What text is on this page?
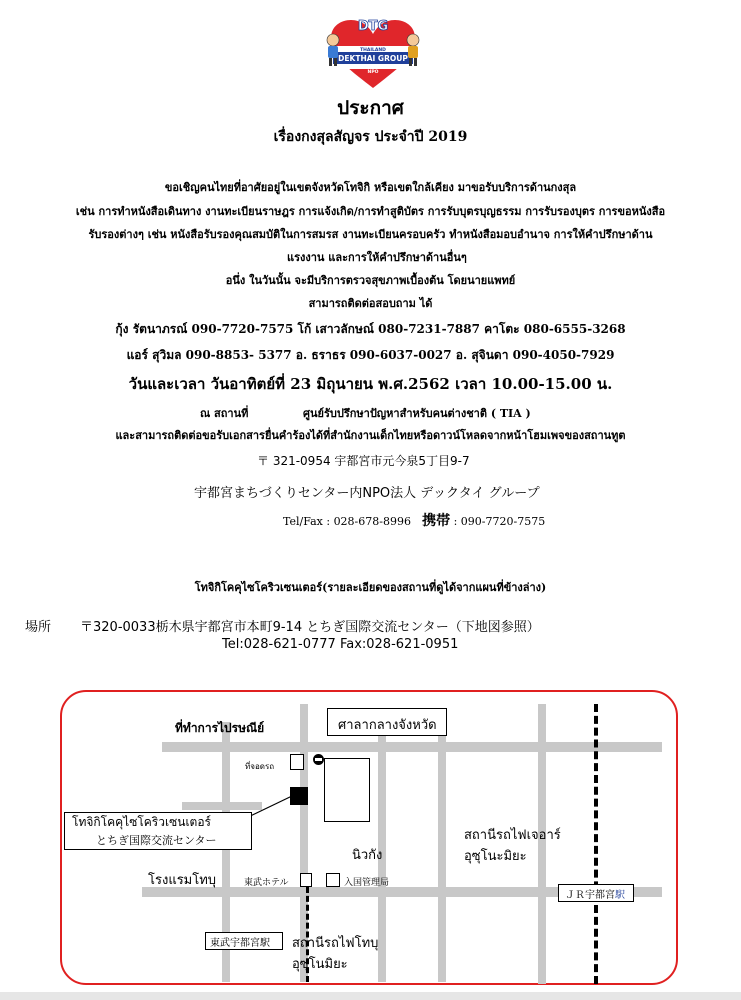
DTG
THAILAND
DEKTHAI GROUP
NPO
ประกาศ
เรื่องกงสุลสัญจร ประจำปี 2019
ขอเชิญคนไทยที่อาศัยอยู่ในเขตจังหวัดโทจิกิ หรือเขตใกล้เคียง มาขอรับบริการด้านกงสุล
เช่น การทำหนังสือเดินทาง งานทะเบียนราษฎร การแจ้งเกิด/การทำสูติบัตร การรับบุตรบุญธรรม การรับรองบุตร การขอหนังสือ
รับรองต่างๆ เช่น หนังสือรับรองคุณสมบัติในการสมรส งานทะเบียนครอบครัว ทำหนังสือมอบอำนาจ การให้คำปรึกษาด้าน
แรงงาน และการให้คำปรึกษาด้านอื่นๆ
อนึ่ง ในวันนั้น จะมีบริการตรวจสุขภาพเบื้องต้น โดยนายแพทย์
สามารถติดต่อสอบถาม ได้
กุ้ง รัตนาภรณ์ 090-7720-7575 โก้ เสาวลักษณ์ 080-7231-7887 คาโตะ 080-6555-3268
แอร์ สุวิมล 090-8853- 5377 อ. ธราธร 090-6037-0027 อ. สุจินดา 090-4050-7929
วันและเวลา วันอาทิตย์ที่ 23 มิถุนายน พ.ศ.2562 เวลา 10.00-15.00 น.
ณ สถานที่	ศูนย์รับปรึกษาปัญหาสำหรับคนต่างชาติ ( TIA )
และสามารถติดต่อขอรับเอกสารยื่นคำร้องได้ที่สำนักงานเด็กไทยหรือดาวน์โหลดจากหน้าโฮมเพจของสถานทูต
〒 321-0954 宇都宮市元今泉5丁目9-7
宇都宮まちづくりセンター内NPO法人 デックタイ グループ
Tel/Fax : 028-678-8996 携帯 : 090-7720-7575
โทจิกิโคคุไซโคริวเซนเตอร์(รายละเอียดของสถานที่ดูได้จากแผนที่ข้างล่าง)
場所 〒320-0033栃木県宇都宮市本町9-14 とちぎ国際交流センター（下地図参照）
Tel:028-621-0777 Fax:028-621-0951
ที่ทำการไปรษณีย์	ศาลากลางจังหวัด
ที่จอดรถ
โทจิกิโคคุไซโคริวเซนเตอร์
とちぎ国際交流センター
นิวกัง
สถานีรถไฟเจอาร์
อุซุโนะมิยะ
โรงแรมโทบุ	東武ホテル	入国管理局
ＪＲ宇都宮駅
東武宇都宮駅 สถานีรถไฟโทบุ
อุซุโนมิยะ
